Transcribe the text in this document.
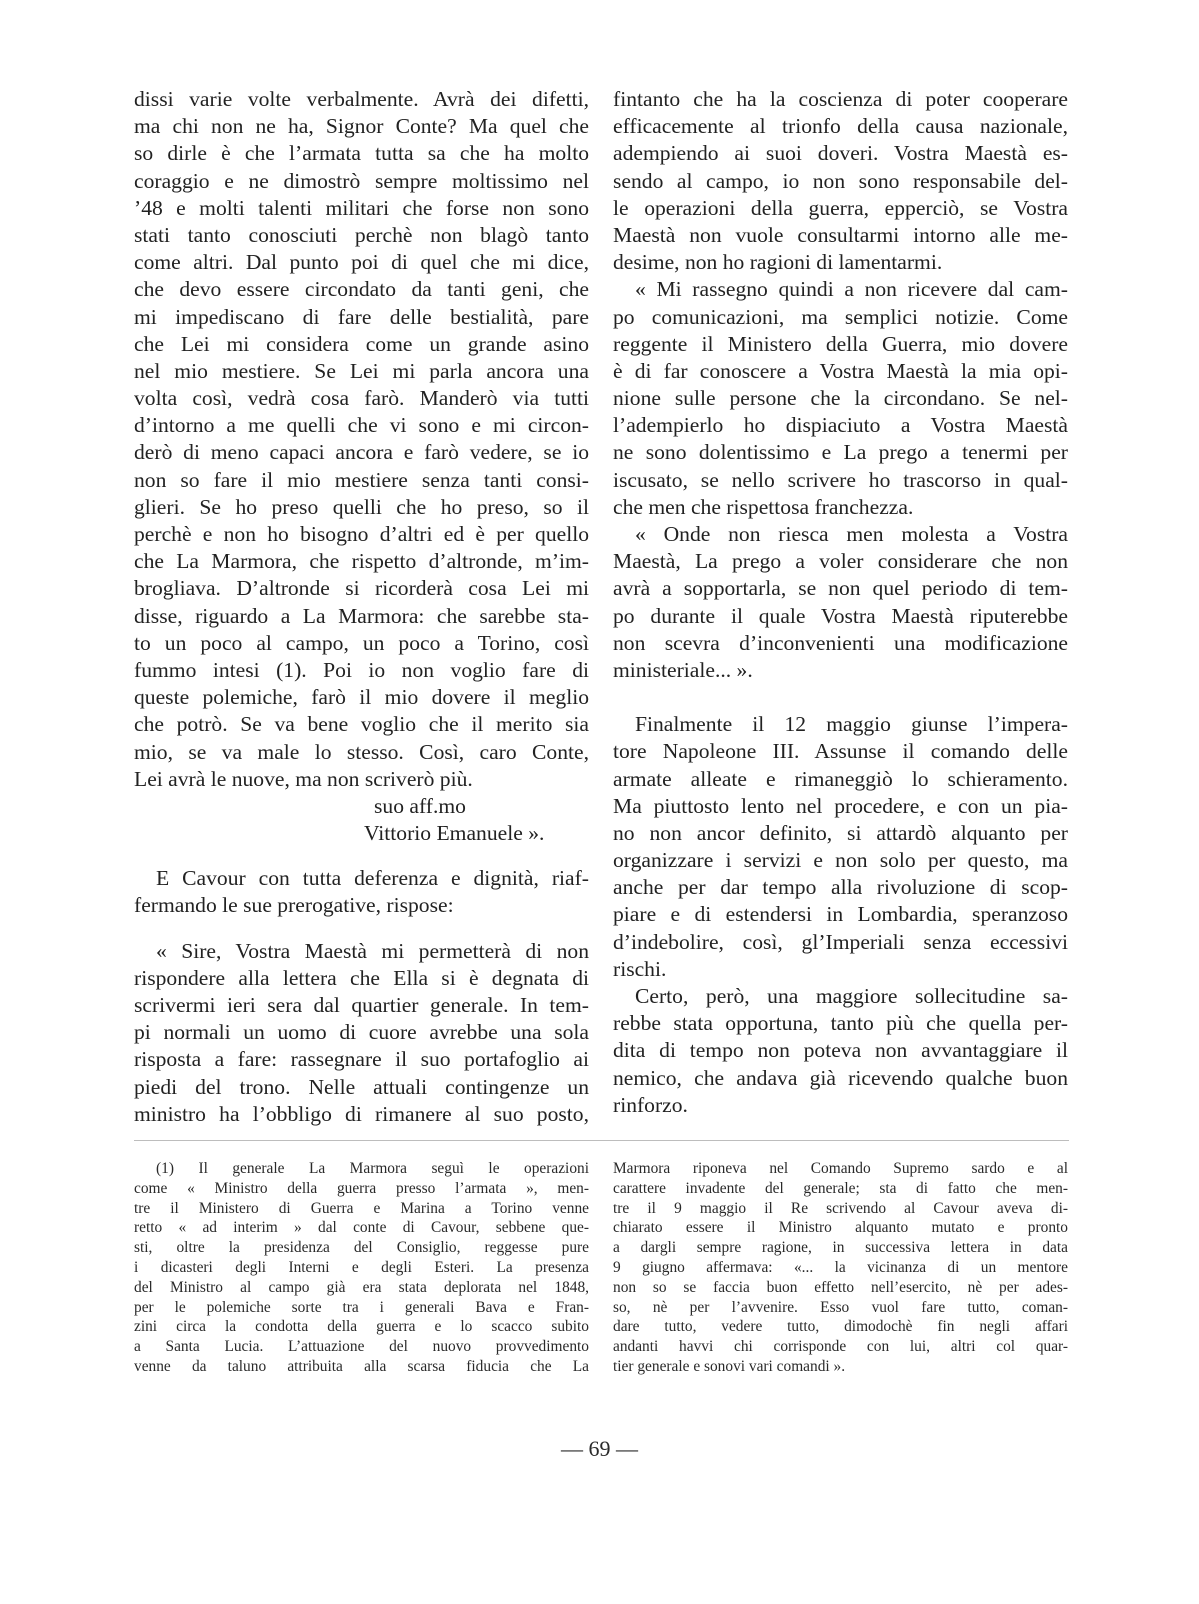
dissi varie volte verbalmente. Avrà dei difetti,
ma chi non ne ha, Signor Conte? Ma quel che
so dirle è che l’armata tutta sa che ha molto
coraggio e ne dimostrò sempre moltissimo nel
’48 e molti talenti militari che forse non sono
stati tanto conosciuti perchè non blagò tanto
come altri. Dal punto poi di quel che mi dice,
che devo essere circondato da tanti geni, che
mi impediscano di fare delle bestialità, pare
che Lei mi considera come un grande asino
nel mio mestiere. Se Lei mi parla ancora una
volta così, vedrà cosa farò. Manderò via tutti
d’intorno a me quelli che vi sono e mi circon-
derò di meno capaci ancora e farò vedere, se io
non so fare il mio mestiere senza tanti consi-
glieri. Se ho preso quelli che ho preso, so il
perchè e non ho bisogno d’altri ed è per quello
che La Marmora, che rispetto d’altronde, m’im-
brogliava. D’altronde si ricorderà cosa Lei mi
disse, riguardo a La Marmora: che sarebbe sta-
to un poco al campo, un poco a Torino, così
fummo intesi (1). Poi io non voglio fare di
queste polemiche, farò il mio dovere il meglio
che potrò. Se va bene voglio che il merito sia
mio, se va male lo stesso. Così, caro Conte,
Lei avrà le nuove, ma non scriverò più.
suo aff.mo
Vittorio Emanuele ».
E Cavour con tutta deferenza e dignità, riaf-
fermando le sue prerogative, rispose:
« Sire, Vostra Maestà mi permetterà di non
rispondere alla lettera che Ella si è degnata di
scrivermi ieri sera dal quartier generale. In tem-
pi normali un uomo di cuore avrebbe una sola
risposta a fare: rassegnare il suo portafoglio ai
piedi del trono. Nelle attuali contingenze un
ministro ha l’obbligo di rimanere al suo posto,
fintanto che ha la coscienza di poter cooperare
efficacemente al trionfo della causa nazionale,
adempiendo ai suoi doveri. Vostra Maestà es-
sendo al campo, io non sono responsabile del-
le operazioni della guerra, epperciò, se Vostra
Maestà non vuole consultarmi intorno alle me-
desime, non ho ragioni di lamentarmi.
« Mi rassegno quindi a non ricevere dal cam-
po comunicazioni, ma semplici notizie. Come
reggente il Ministero della Guerra, mio dovere
è di far conoscere a Vostra Maestà la mia opi-
nione sulle persone che la circondano. Se nel-
l’adempierlo ho dispiaciuto a Vostra Maestà
ne sono dolentissimo e La prego a tenermi per
iscusato, se nello scrivere ho trascorso in qual-
che men che rispettosa franchezza.
« Onde non riesca men molesta a Vostra
Maestà, La prego a voler considerare che non
avrà a sopportarla, se non quel periodo di tem-
po durante il quale Vostra Maestà riputerebbe
non scevra d’inconvenienti una modificazione
ministeriale... ».
Finalmente il 12 maggio giunse l’impera-
tore Napoleone III. Assunse il comando delle
armate alleate e rimaneggiò lo schieramento.
Ma piuttosto lento nel procedere, e con un pia-
no non ancor definito, si attardò alquanto per
organizzare i servizi e non solo per questo, ma
anche per dar tempo alla rivoluzione di scop-
piare e di estendersi in Lombardia, speranzoso
d’indebolire, così, gl’Imperiali senza eccessivi
rischi.
Certo, però, una maggiore sollecitudine sa-
rebbe stata opportuna, tanto più che quella per-
dita di tempo non poteva non avvantaggiare il
nemico, che andava già ricevendo qualche buon
rinforzo.
(1) Il generale La Marmora seguì le operazioni
come « Ministro della guerra presso l’armata », men-
tre il Ministero di Guerra e Marina a Torino venne
retto « ad interim » dal conte di Cavour, sebbene que-
sti, oltre la presidenza del Consiglio, reggesse pure
i dicasteri degli Interni e degli Esteri. La presenza
del Ministro al campo già era stata deplorata nel 1848,
per le polemiche sorte tra i generali Bava e Fran-
zini circa la condotta della guerra e lo scacco subito
a Santa Lucia. L’attuazione del nuovo provvedimento
venne da taluno attribuita alla scarsa fiducia che La
Marmora riponeva nel Comando Supremo sardo e al
carattere invadente del generale; sta di fatto che men-
tre il 9 maggio il Re scrivendo al Cavour aveva di-
chiarato essere il Ministro alquanto mutato e pronto
a dargli sempre ragione, in successiva lettera in data
9 giugno affermava: «... la vicinanza di un mentore
non so se faccia buon effetto nell’esercito, nè per ades-
so, nè per l’avvenire. Esso vuol fare tutto, coman-
dare tutto, vedere tutto, dimodochè fin negli affari
andanti havvi chi corrisponde con lui, altri col quar-
tier generale e sonovi vari comandi ».
— 69 —
